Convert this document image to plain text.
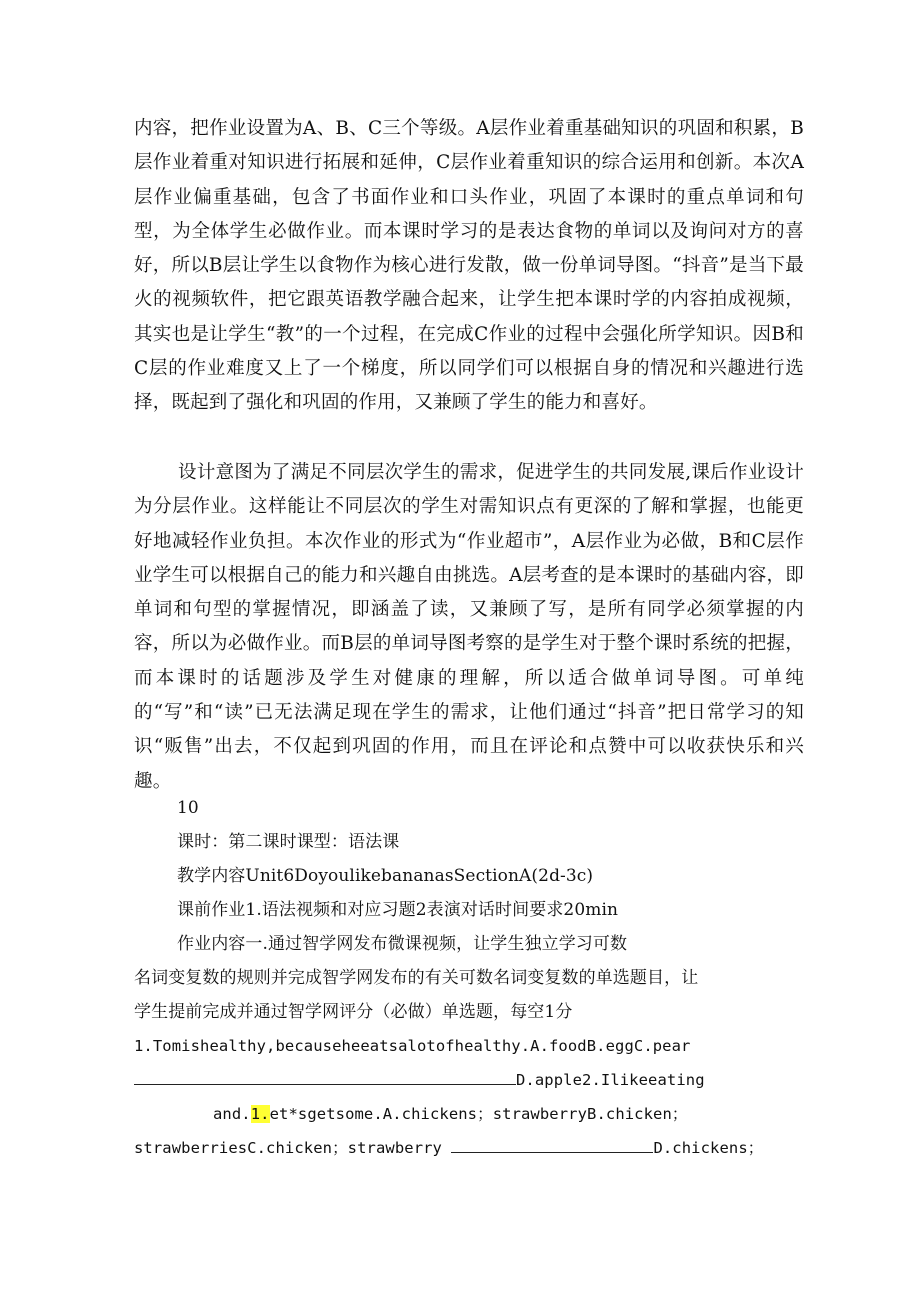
内容，把作业设置为A、B、C三个等级。A层作业着重基础知识的巩固和积累，B层作业着重对知识进行拓展和延伸，C层作业着重知识的综合运用和创新。本次A层作业偏重基础，包含了书面作业和口头作业，巩固了本课时的重点单词和句型，为全体学生必做作业。而本课时学习的是表达食物的单词以及询问对方的喜好，所以B层让学生以食物作为核心进行发散，做一份单词导图。“抖音”是当下最火的视频软件，把它跟英语教学融合起来，让学生把本课时学的内容拍成视频，其实也是让学生“教”的一个过程，在完成C作业的过程中会强化所学知识。因B和C层的作业难度又上了一个梯度，所以同学们可以根据自身的情况和兴趣进行选择，既起到了强化和巩固的作用，又兼顾了学生的能力和喜好。

设计意图为了满足不同层次学生的需求，促进学生的共同发展,课后作业设计为分层作业。这样能让不同层次的学生对需知识点有更深的了解和掌握，也能更好地减轻作业负担。本次作业的形式为“作业超市”，A层作业为必做，B和C层作业学生可以根据自己的能力和兴趣自由挑选。A层考查的是本课时的基础内容，即单词和句型的掌握情况，即涵盖了读，又兼顾了写，是所有同学必须掌握的内容，所以为必做作业。而B层的单词导图考察的是学生对于整个课时系统的把握，而本课时的话题涉及学生对健康的理解，所以适合做单词导图。可单纯的“写”和“读”已无法满足现在学生的需求，让他们通过“抖音”把日常学习的知识“贩售”出去，不仅起到巩固的作用，而且在评论和点赞中可以收获快乐和兴趣。

10
课时：第二课时课型：语法课
教学内容Unit6DoyoulikebananasSectionA(2d-3c)
课前作业1.语法视频和对应习题2表演对话时间要求20min
作业内容一.通过智学网发布微课视频，让学生独立学习可数
名词变复数的规则并完成智学网发布的有关可数名词变复数的单选题目，让
学生提前完成并通过智学网评分（必做）单选题，每空1分
1.Tomishealthy,becauseheeatsalotofhealthy.A.foodB.eggC.pear
D.apple2.Ilikeeating
and.1.et*sgetsome.A.chickens；strawberryB.chicken；
strawberriesC.chicken；strawberry	D.chickens；
